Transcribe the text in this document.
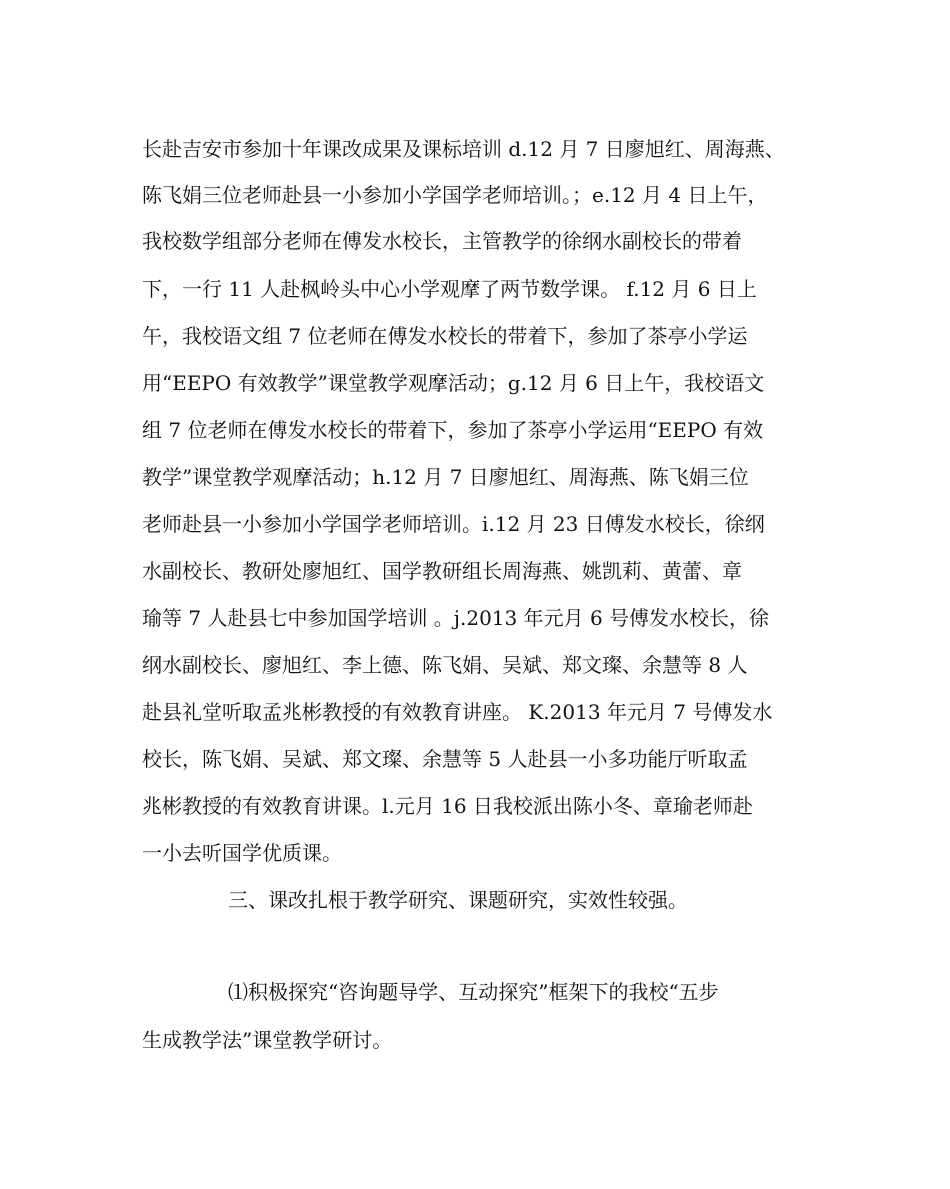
长赴吉安市参加十年课改成果及课标培训 d.12 月 7 日廖旭红、周海燕、
陈飞娟三位老师赴县一小参加小学国学老师培训。；e.12 月 4 日上午，
我校数学组部分老师在傅发水校长，主管教学的徐纲水副校长的带着
下，一行 11 人赴枫岭头中心小学观摩了两节数学课。 f.12 月 6 日上
午，我校语文组 7 位老师在傅发水校长的带着下，参加了茶亭小学运
用“EEPO 有效教学”课堂教学观摩活动；g.12 月 6 日上午，我校语文
组 7 位老师在傅发水校长的带着下，参加了茶亭小学运用“EEPO 有效
教学”课堂教学观摩活动；h.12 月 7 日廖旭红、周海燕、陈飞娟三位
老师赴县一小参加小学国学老师培训。i.12 月 23 日傅发水校长，徐纲
水副校长、教研处廖旭红、国学教研组长周海燕、姚凯莉、黄蕾、章
瑜等 7 人赴县七中参加国学培训 。j.2013 年元月 6 号傅发水校长，徐
纲水副校长、廖旭红、李上德、陈飞娟、吴斌、郑文璨、余慧等 8 人
赴县礼堂听取孟兆彬教授的有效教育讲座。 K.2013 年元月 7 号傅发水
校长，陈飞娟、吴斌、郑文璨、余慧等 5 人赴县一小多功能厅听取孟
兆彬教授的有效教育讲课。l.元月 16 日我校派出陈小冬、章瑜老师赴
一小去听国学优质课。
三、课改扎根于教学研究、课题研究，实效性较强。
⑴积极探究“咨询题导学、互动探究”框架下的我校“五步
生成教学法”课堂教学研讨。
